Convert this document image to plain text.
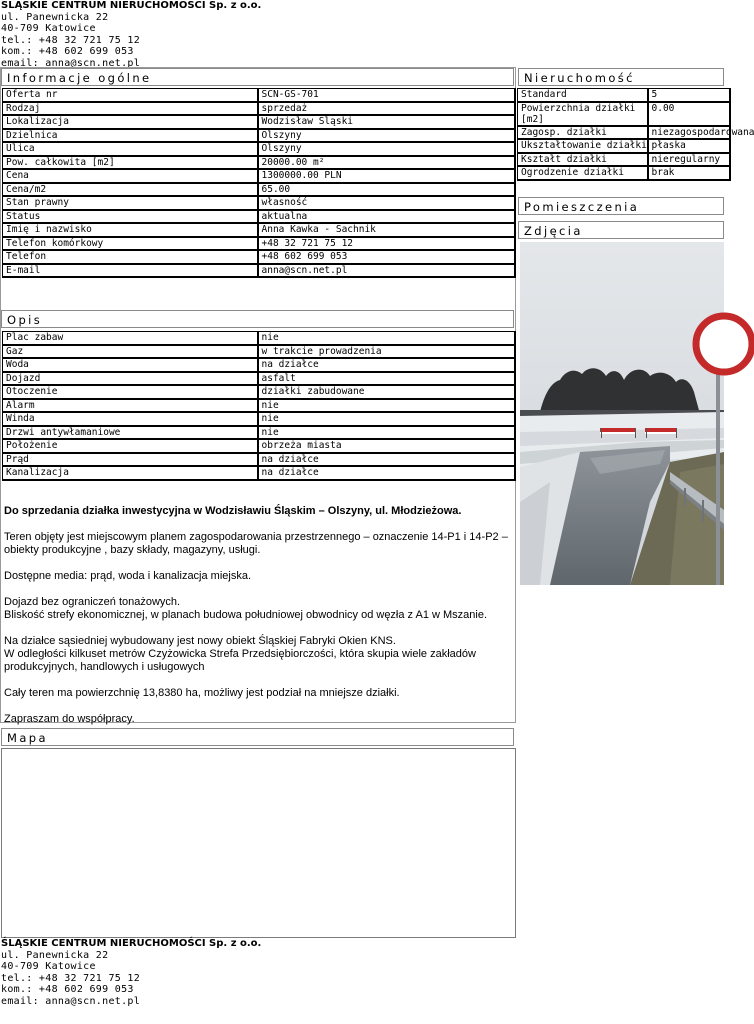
ŚLĄSKIE CENTRUM NIERUCHOMOŚCI Sp. z o.o.
ul. Panewnicka 22
40-709 Katowice
tel.: +48 32 721 75 12
kom.: +48 602 699 053
email: anna@scn.net.pl
Informacje ogólne	Nieruchomość
Opis
Pomieszczenia
Zdjęcia
Mapa
Oferta nr	SCN-GS-701
Rodzaj	sprzedaż
Lokalizacja	Wodzisław Śląski
Dzielnica	Olszyny
Ulica	Olszyny
Pow. całkowita [m2]	20000.00 m²
Cena	1300000.00 PLN
Cena/m2	65.00
Stan prawny	własność
Status	aktualna
Imię i nazwisko	Anna Kawka - Sachnik
Telefon komórkowy	+48 32 721 75 12
Telefon	+48 602 699 053
E-mail	anna@scn.net.pl
Standard	5
Powierzchnia działki [m2]	0.00
Zagosp. działki	niezagospodarowana
Ukształtowanie działki	płaska
Kształt działki	nieregularny
Ogrodzenie działki	brak
Plac zabaw	nie
Gaz	w trakcie prowadzenia
Woda	na działce
Dojazd	asfalt
Otoczenie	działki zabudowane
Alarm	nie
Winda	nie
Drzwi antywłamaniowe	nie
Położenie	obrzeża miasta
Prąd	na działce
Kanalizacja	na działce

Do sprzedania działka inwestycyjna w Wodzisławiu Śląskim – Olszyny, ul. Młodzieżowa.

Teren objęty jest miejscowym planem zagospodarowania przestrzennego – oznaczenie 14-P1 i 14-P2 – obiekty produkcyjne , bazy składy, magazyny, usługi.

Dostępne media: prąd, woda i kanalizacja miejska.

Dojazd bez ograniczeń tonażowych.
Bliskość strefy ekonomicznej, w planach budowa południowej obwodnicy od węzła z A1 w Mszanie.

Na działce sąsiedniej wybudowany jest nowy obiekt Śląskiej Fabryki Okien KNS.
W odległości kilkuset metrów Czyżowicka Strefa Przedsiębiorczości, która skupia wiele zakładów produkcyjnych, handlowych i usługowych

Cały teren ma powierzchnię 13,8380 ha, możliwy jest podział na mniejsze działki.

Zapraszam do współpracy.

ŚLĄSKIE CENTRUM NIERUCHOMOŚCI Sp. z o.o.
ul. Panewnicka 22
40-709 Katowice
tel.: +48 32 721 75 12
kom.: +48 602 699 053
email: anna@scn.net.pl
